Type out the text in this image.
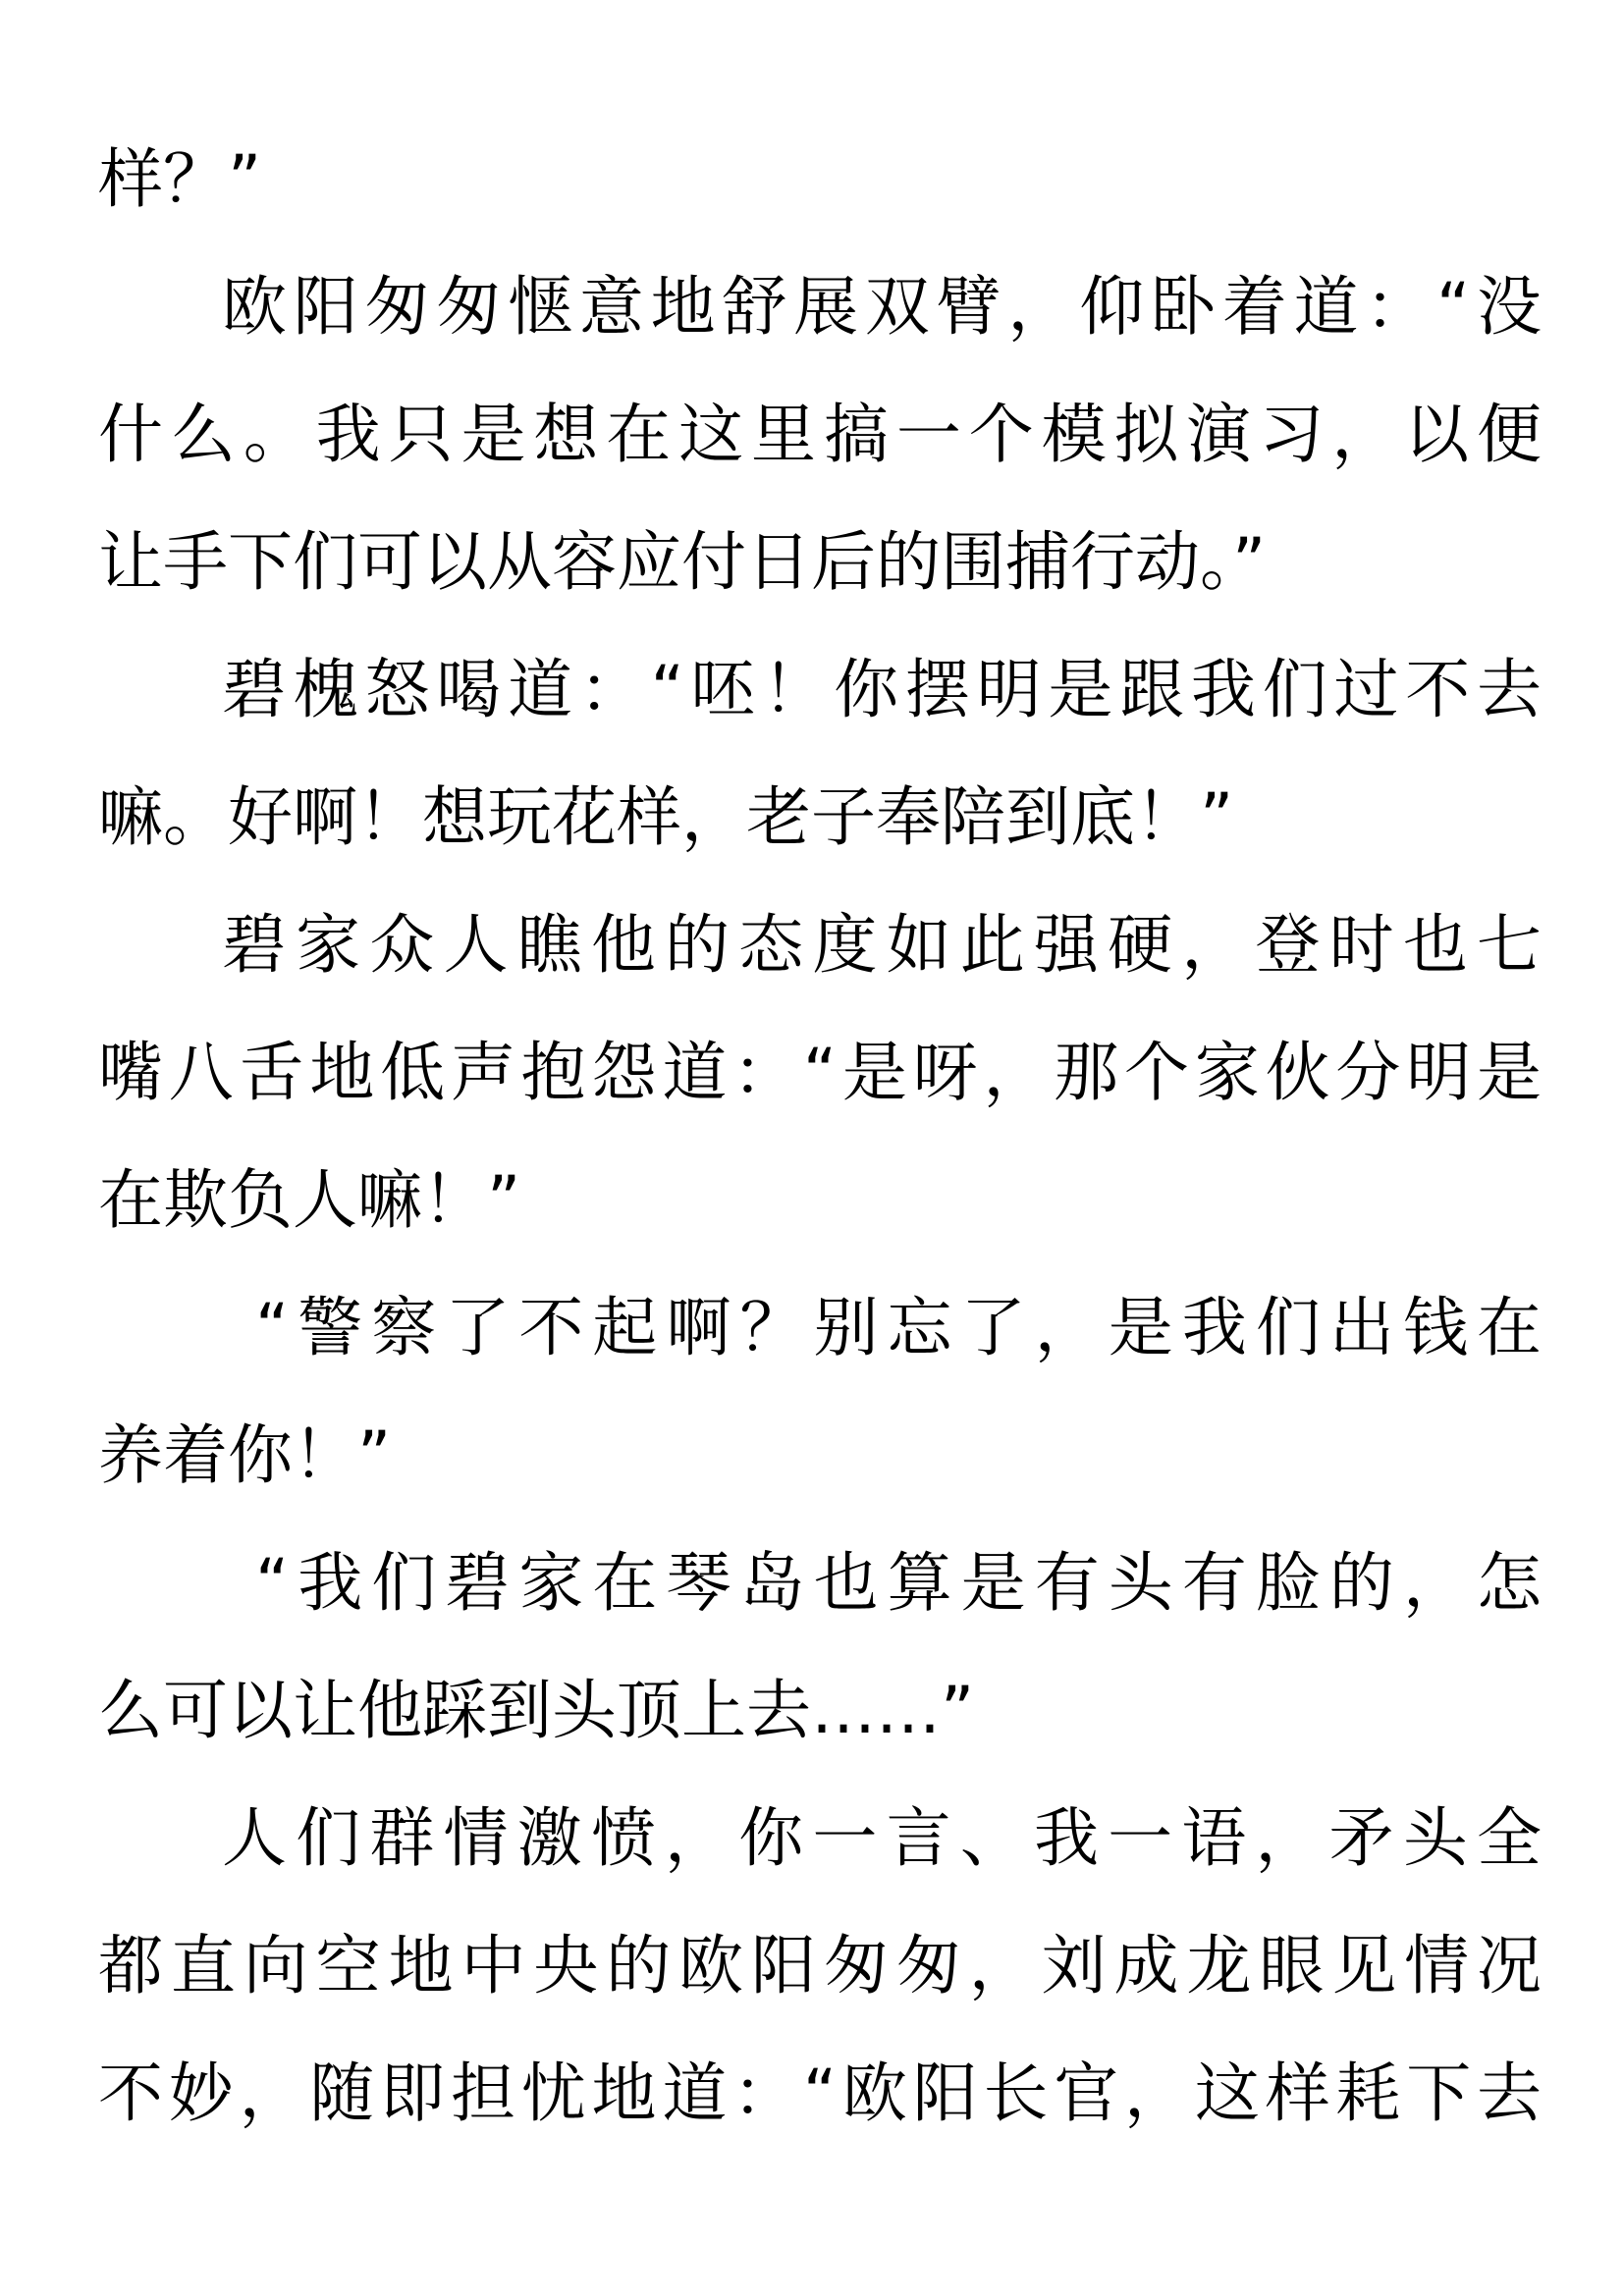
样？”
欧阳匆匆惬意地舒展双臂，仰卧着道：“没
什么。我只是想在这里搞一个模拟演习，以便
让手下们可以从容应付日后的围捕行动。”
碧槐怒喝道：“呸！你摆明是跟我们过不去
嘛。好啊！想玩花样，老子奉陪到底！”
碧家众人瞧他的态度如此强硬，登时也七
嘴八舌地低声抱怨道：“是呀，那个家伙分明是
在欺负人嘛！”
“警察了不起啊？别忘了，是我们出钱在
养着你！”
“我们碧家在琴岛也算是有头有脸的，怎
么可以让他踩到头顶上去……”
人们群情激愤，你一言、我一语，矛头全
都直向空地中央的欧阳匆匆，刘成龙眼见情况
不妙，随即担忧地道：“欧阳长官，这样耗下去
